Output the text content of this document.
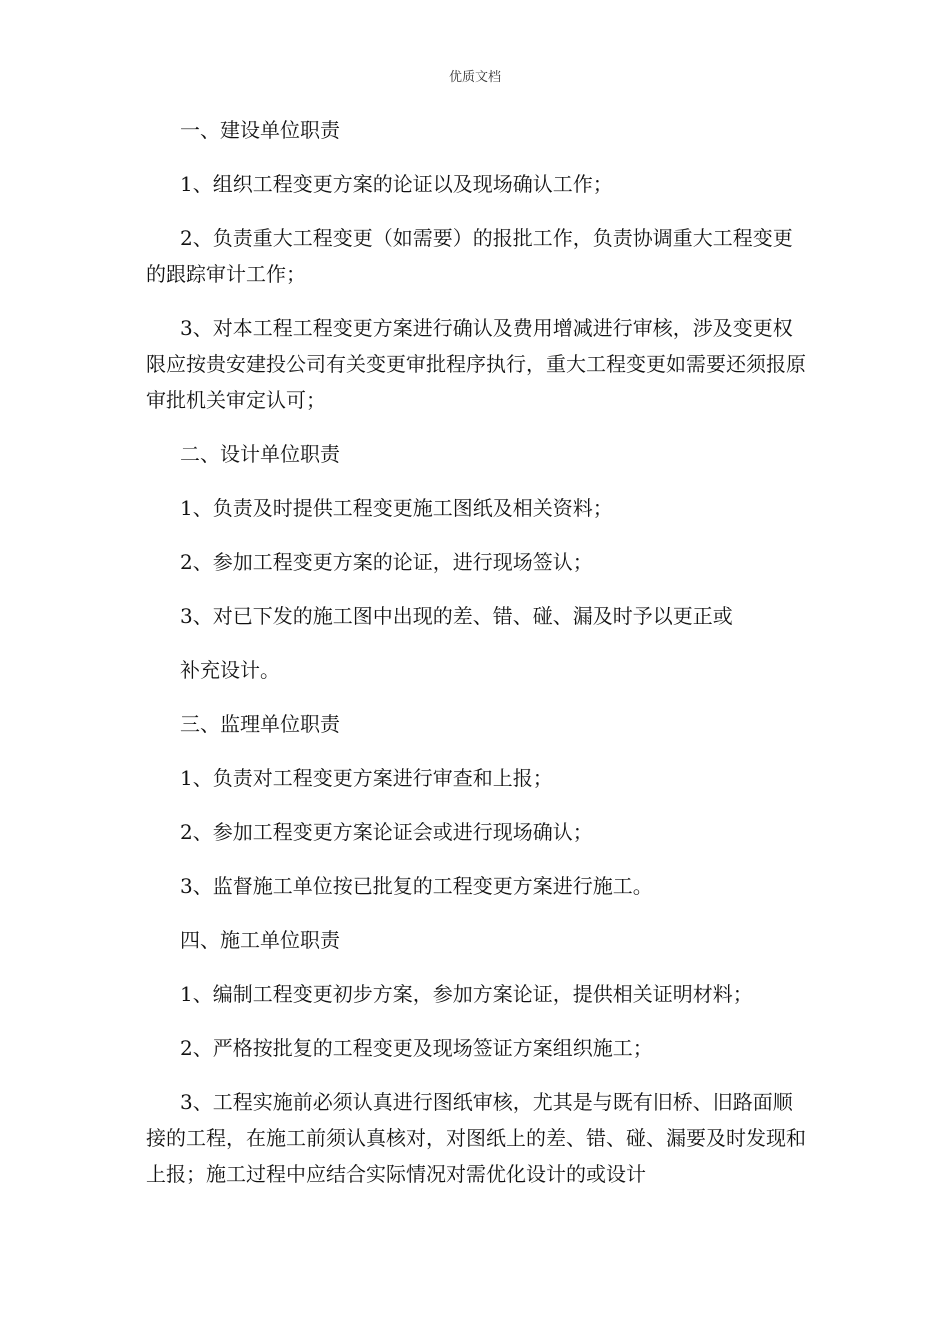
优质文档

一、建设单位职责

1、组织工程变更方案的论证以及现场确认工作；

2、负责重大工程变更（如需要）的报批工作，负责协调重大工程变更的跟踪审计工作；

3、对本工程工程变更方案进行确认及费用增减进行审核，涉及变更权限应按贵安建投公司有关变更审批程序执行，重大工程变更如需要还须报原审批机关审定认可；

二、设计单位职责

1、负责及时提供工程变更施工图纸及相关资料；

2、参加工程变更方案的论证，进行现场签认；

3、对已下发的施工图中出现的差、错、碰、漏及时予以更正或

补充设计。

三、监理单位职责

1、负责对工程变更方案进行审查和上报；

2、参加工程变更方案论证会或进行现场确认；

3、监督施工单位按已批复的工程变更方案进行施工。

四、施工单位职责

1、编制工程变更初步方案，参加方案论证，提供相关证明材料；

2、严格按批复的工程变更及现场签证方案组织施工；

3、工程实施前必须认真进行图纸审核，尤其是与既有旧桥、旧路面顺接的工程，在施工前须认真核对，对图纸上的差、错、碰、漏要及时发现和上报；施工过程中应结合实际情况对需优化设计的或设计
